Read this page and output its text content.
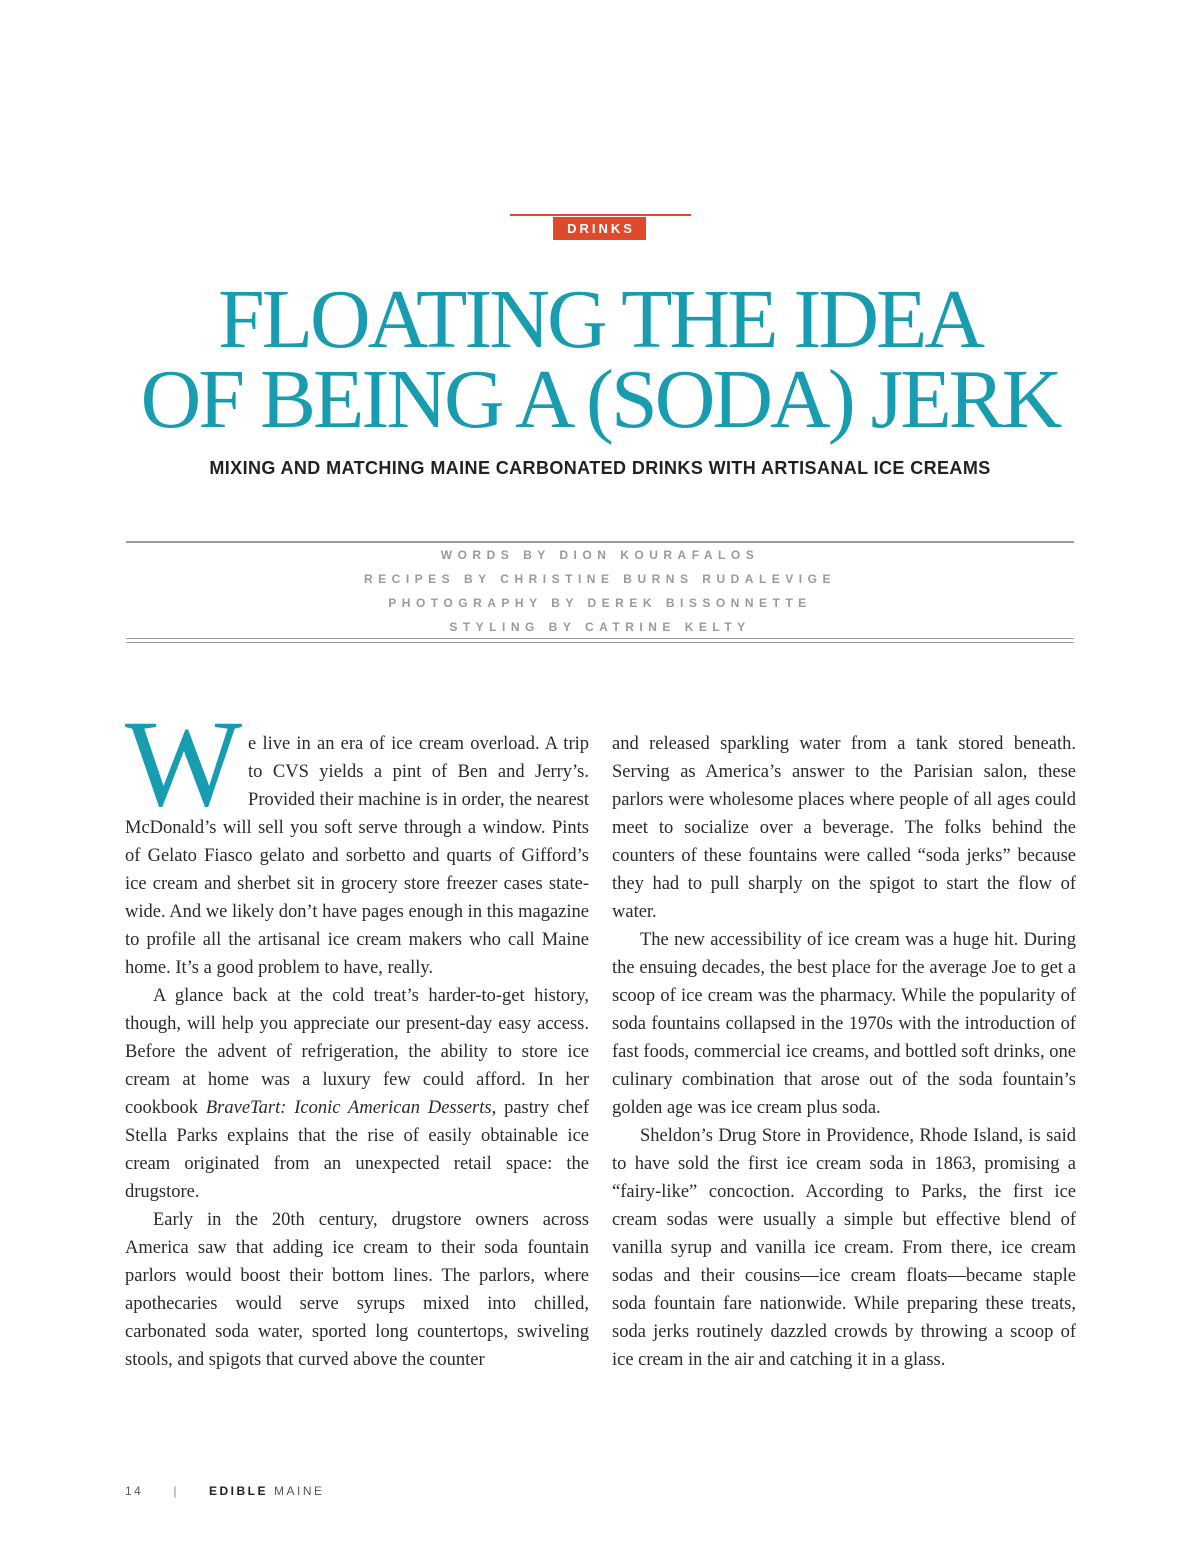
DRINKS
FLOATING THE IDEA
OF BEING A (SODA) JERK

MIXING AND MATCHING MAINE CARBONATED DRINKS WITH ARTISANAL ICE CREAMS

WORDS BY DION KOURAFALOS
RECIPES BY CHRISTINE BURNS RUDALEVIGE
PHOTOGRAPHY BY DEREK BISSONNETTE
STYLING BY CATRINE KELTY

We live in an era of ice cream overload. A trip to CVS yields a pint of Ben and Jerry’s. Provided their machine is in order, the nearest McDonald’s will sell you soft serve through a window. Pints of Gelato Fiasco gelato and sorbetto and quarts of Gifford’s ice cream and sherbet sit in grocery store freezer cases state-wide. And we likely don’t have pages enough in this magazine to profile all the artisanal ice cream makers who call Maine home. It’s a good problem to have, really.

A glance back at the cold treat’s harder-to-get history, though, will help you appreciate our present-day easy access. Before the advent of refrigeration, the ability to store ice cream at home was a luxury few could afford. In her cookbook BraveTart: Iconic American Desserts, pastry chef Stella Parks explains that the rise of easily obtainable ice cream originated from an unexpected retail space: the drugstore.

Early in the 20th century, drugstore owners across America saw that adding ice cream to their soda fountain parlors would boost their bottom lines. The parlors, where apothecaries would serve syrups mixed into chilled, carbonated soda water, sported long countertops, swiveling stools, and spigots that curved above the counter

and released sparkling water from a tank stored beneath. Serving as America’s answer to the Parisian salon, these parlors were wholesome places where people of all ages could meet to socialize over a beverage. The folks behind the counters of these fountains were called “soda jerks” because they had to pull sharply on the spigot to start the flow of water.

The new accessibility of ice cream was a huge hit. During the ensuing decades, the best place for the average Joe to get a scoop of ice cream was the pharmacy. While the popularity of soda fountains collapsed in the 1970s with the introduction of fast foods, commercial ice creams, and bottled soft drinks, one culinary combination that arose out of the soda fountain’s golden age was ice cream plus soda.

Sheldon’s Drug Store in Providence, Rhode Island, is said to have sold the first ice cream soda in 1863, promising a “fairy-like” concoction. According to Parks, the first ice cream sodas were usually a simple but effective blend of vanilla syrup and vanilla ice cream. From there, ice cream sodas and their cousins—ice cream floats—became staple soda fountain fare nationwide. While preparing these treats, soda jerks routinely dazzled crowds by throwing a scoop of ice cream in the air and catching it in a glass.

14	|	EDIBLE MAINE
